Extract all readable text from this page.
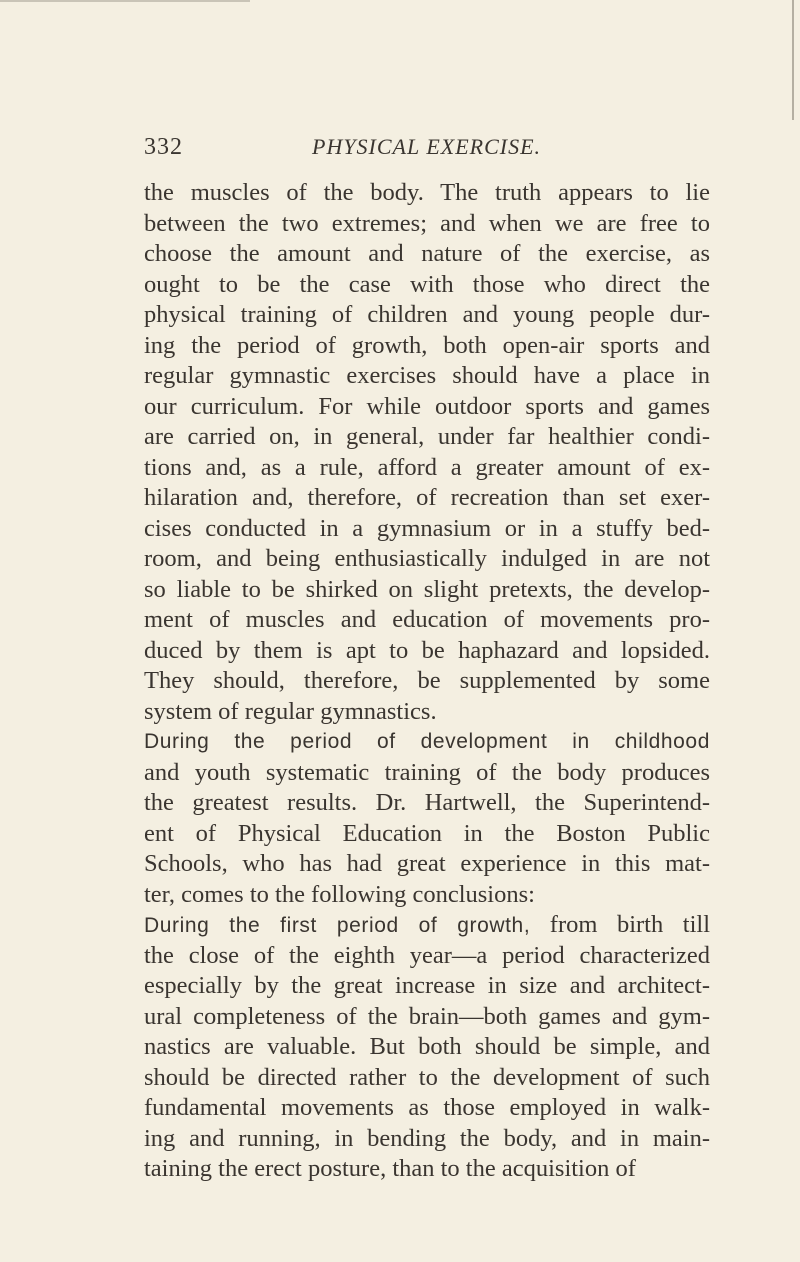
332	PHYSICAL EXERCISE.
the muscles of the body. The truth appears to lie
between the two extremes; and when we are free to
choose the amount and nature of the exercise, as
ought to be the case with those who direct the
physical training of children and young people dur-
ing the period of growth, both open-air sports and
regular gymnastic exercises should have a place in
our curriculum. For while outdoor sports and games
are carried on, in general, under far healthier condi-
tions and, as a rule, afford a greater amount of ex-
hilaration and, therefore, of recreation than set exer-
cises conducted in a gymnasium or in a stuffy bed-
room, and being enthusiastically indulged in are not
so liable to be shirked on slight pretexts, the develop-
ment of muscles and education of movements pro-
duced by them is apt to be haphazard and lopsided.
They should, therefore, be supplemented by some
system of regular gymnastics.
During the period of development in childhood
and youth systematic training of the body produces
the greatest results. Dr. Hartwell, the Superintend-
ent of Physical Education in the Boston Public
Schools, who has had great experience in this mat-
ter, comes to the following conclusions:
During the first period of growth, from birth till
the close of the eighth year—a period characterized
especially by the great increase in size and architect-
ural completeness of the brain—both games and gym-
nastics are valuable. But both should be simple, and
should be directed rather to the development of such
fundamental movements as those employed in walk-
ing and running, in bending the body, and in main-
taining the erect posture, than to the acquisition of
